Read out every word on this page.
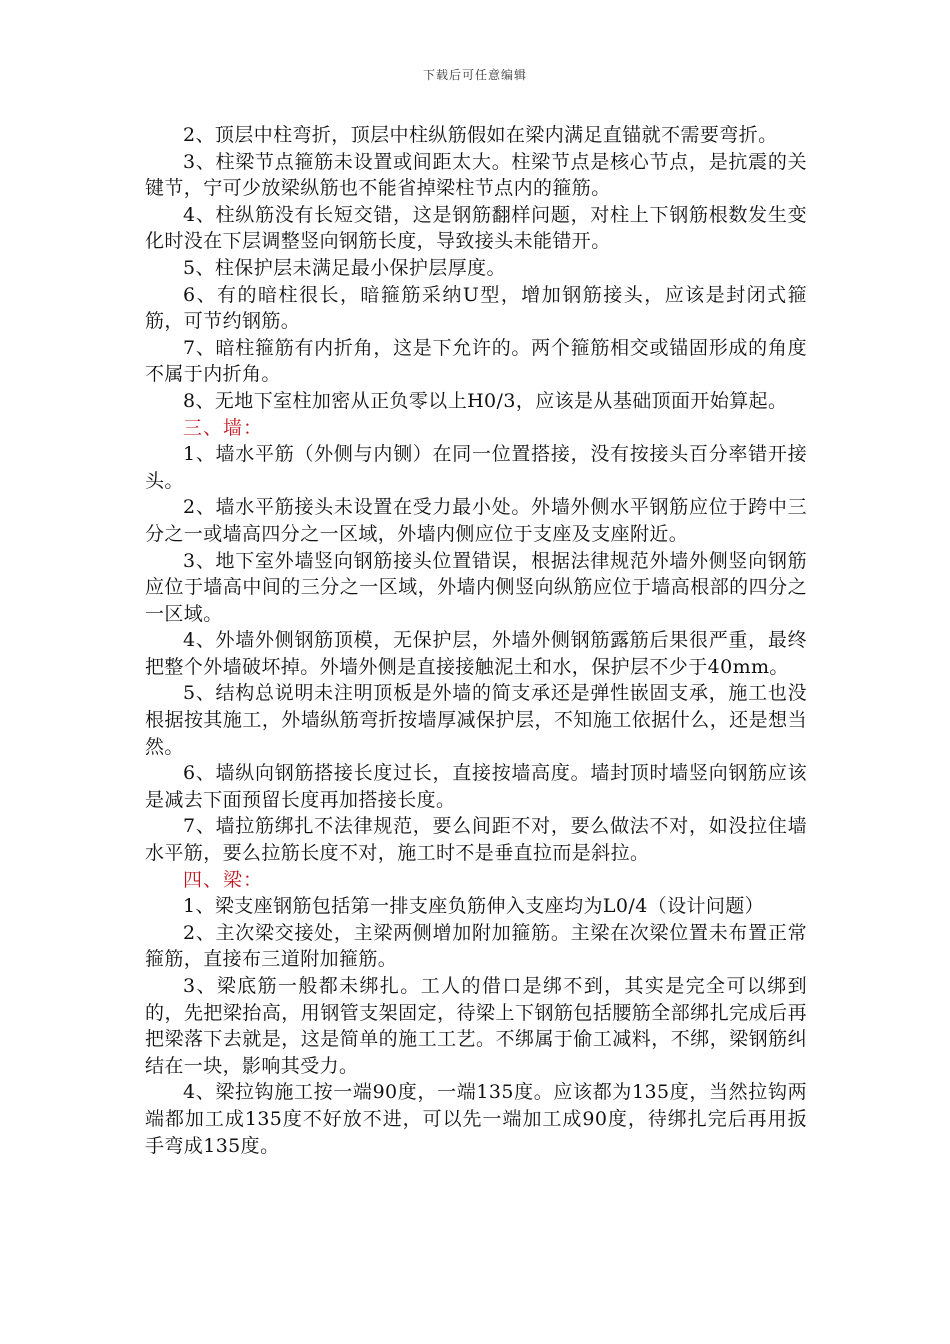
下载后可任意编辑

2、顶层中柱弯折，顶层中柱纵筋假如在梁内满足直锚就不需要弯折。

3、柱梁节点箍筋未设置或间距太大。柱梁节点是核心节点，是抗震的关键节，宁可少放梁纵筋也不能省掉梁柱节点内的箍筋。

4、柱纵筋没有长短交错，这是钢筋翻样问题，对柱上下钢筋根数发生变化时没在下层调整竖向钢筋长度，导致接头未能错开。

5、柱保护层未满足最小保护层厚度。

6、有的暗柱很长，暗箍筋采纳U型，增加钢筋接头，应该是封闭式箍筋，可节约钢筋。

7、暗柱箍筋有内折角，这是下允许的。两个箍筋相交或锚固形成的角度不属于内折角。

8、无地下室柱加密从正负零以上H0/3，应该是从基础顶面开始算起。

三、墙：

1、墙水平筋（外侧与内铡）在同一位置搭接，没有按接头百分率错开接头。

2、墙水平筋接头未设置在受力最小处。外墙外侧水平钢筋应位于跨中三分之一或墙高四分之一区域，外墙内侧应位于支座及支座附近。

3、地下室外墙竖向钢筋接头位置错误，根据法律规范外墙外侧竖向钢筋应位于墙高中间的三分之一区域，外墙内侧竖向纵筋应位于墙高根部的四分之一区域。

4、外墙外侧钢筋顶模，无保护层，外墙外侧钢筋露筋后果很严重，最终把整个外墙破坏掉。外墙外侧是直接接触泥土和水，保护层不少于40mm。

5、结构总说明未注明顶板是外墙的简支承还是弹性嵌固支承，施工也没根据按其施工，外墙纵筋弯折按墙厚减保护层，不知施工依据什么，还是想当然。

6、墙纵向钢筋搭接长度过长，直接按墙高度。墙封顶时墙竖向钢筋应该是减去下面预留长度再加搭接长度。

7、墙拉筋绑扎不法律规范，要么间距不对，要么做法不对，如没拉住墙水平筋，要么拉筋长度不对，施工时不是垂直拉而是斜拉。

四、梁：

1、梁支座钢筋包括第一排支座负筋伸入支座均为L0/4（设计问题）

2、主次梁交接处，主梁两侧增加附加箍筋。主梁在次梁位置未布置正常箍筋，直接布三道附加箍筋。

3、梁底筋一般都未绑扎。工人的借口是绑不到，其实是完全可以绑到的，先把梁抬高，用钢管支架固定，待梁上下钢筋包括腰筋全部绑扎完成后再把梁落下去就是，这是简单的施工工艺。不绑属于偷工减料，不绑，梁钢筋纠结在一块，影响其受力。

4、梁拉钩施工按一端90度，一端135度。应该都为135度，当然拉钩两端都加工成135度不好放不进，可以先一端加工成90度，待绑扎完后再用扳手弯成135度。
